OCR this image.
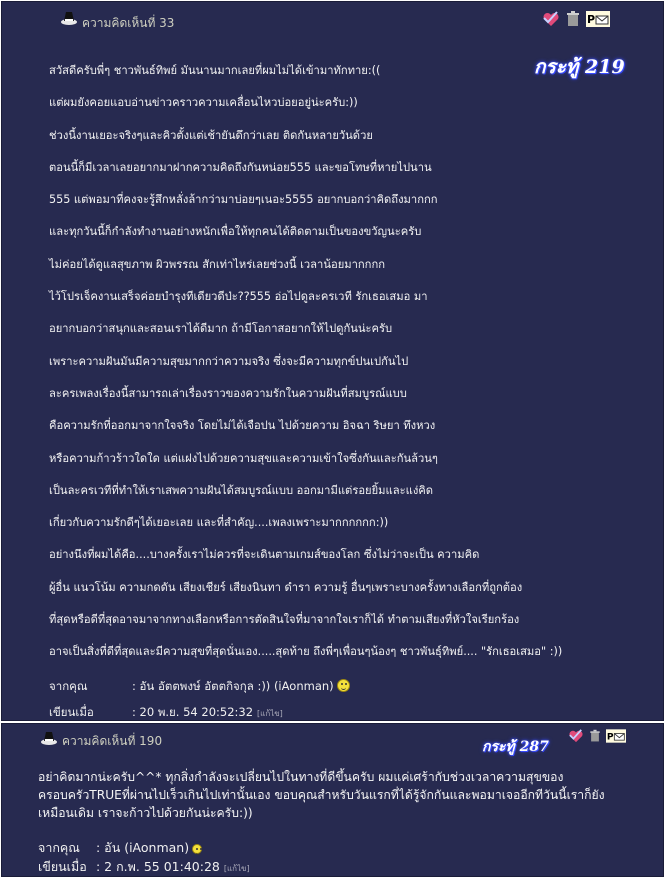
ความคิดเห็นที่ 33	P
กระทู้ 219
สวัสดีครับพี่ๆ ชาวพันธ์ทิพย์ มันนานมากเลยที่ผมไม่ได้เข้ามาทักทาย:((
แต่ผมยังคอยแอบอ่านข่าวคราวความเคลื่อนไหวบ่อยอยู่น่ะครับ:))
ช่วงนี้งานเยอะจริงๆและคิวตั้งแต่เช้ายันดึกว่าเลย ติดกันหลายวันด้วย
ตอนนี้ก็มีเวลาเลยอยากมาฝากความคิดถึงกันหน่อย555 และขอโทษที่หายไปนาน
555 แต่พอมาที่คงจะรู้สึกหลั่งล้ากว่ามาบ่อยๆเนอะ5555 อยากบอกว่าคิดถึงมากกก
และทุกวันนี้ก็กำลังทำงานอย่างหนักเพื่อให้ทุกคนได้ติดตามเป็นของขวัญนะครับ
ไม่ค่อยได้ดูแลสุขภาพ ผิวพรรณ สักเท่าไหร่เลยช่วงนี้ เวลาน้อยมากกกก
ไว้โปรเจ็คงานเสร็จค่อยบำรุงทีเดียวดีป่ะ??555 อ่อไปดูละครเวที รักเธอเสมอ มา
อยากบอกว่าสนุกและสอนเราได้ดีมาก ถ้ามีโอกาสอยากให้ไปดูกันน่ะครับ
เพราะความฝันมันมีความสุขมากกว่าความจริง ซึ่งจะมีความทุกข์ปนเปกันไป
ละครเพลงเรื่องนี้สามารถเล่าเรื่องราวของความรักในความฝันที่สมบูรณ์แบบ
คือความรักที่ออกมาจากใจจริง โดยไม่ได้เจือปน ไปด้วยความ อิจฉา ริษยา ทึงหวง
หรือความก้าวร้าวใดใด แต่แฝงไปด้วยความสุขและความเข้าใจซึ่งกันและกันล้วนๆ
เป็นละครเวทีที่ทำให้เราเสพความฝันได้สมบูรณ์แบบ ออกมามีแต่รอยยิ้มและแง่คิด
เกี่ยวกับความรักดีๆได้เยอะเลย และที่สำคัญ....เพลงเพราะมากกกกกก:))
อย่างนึงที่ผมได้คือ....บางครั้งเราไม่ควรที่จะเดินตามเกมส์ของโลก ซึ่งไม่ว่าจะเป็น ความคิด
ผู้อื่น แนวโน้ม ความกดดัน เสียงเชียร์ เสียงนินทา ดำรา ความรู้ อื่นๆเพราะบางครั้งทางเลือกที่ถูกต้อง
ที่สุดหรือดีที่สุดอาจมาจากทางเลือกหรือการตัดสินใจที่มาจากใจเราก็ได้ ทำตามเสียงที่หัวใจเรียกร้อง
อาจเป็นสิ่งที่ดีที่สุดและมีความสุขที่สุดนั่นเอง.....สุดท้าย ถึงพี่ๆเพื่อนๆน้องๆ ชาวพันธุ์ทิพย์.... "รักเธอเสมอ" :))
จากคุณ	: อัน อัตตพงษ์ อัตตกิจกุล :)) (iAonman)
เขียนเมื่อ	: 20 พ.ย. 54 20:52:32 [แก้ไข]
ความคิดเห็นที่ 190	กระทู้ 287
P
อย่าคิดมากน่ะครับ^^* ทุกสิ่งกำลังจะเปลี่ยนไปในทางที่ดีขึ้นครับ ผมแค่เศร้ากับช่วงเวลาความสุขของครอบครัวTRUEที่ผ่านไปเร็วเกินไปเท่านั้นเอง ขอบคุณสำหรับวันแรกที่ได้รู้จักกันและพอมาเจออีกทีวันนี้เราก็ยังเหมือนเดิม เราจะก้าวไปด้วยกันน่ะครับ:))
จากคุณ : อัน (iAonman)
เขียนเมื่อ : 2 ก.พ. 55 01:40:28 [แก้ไข]
